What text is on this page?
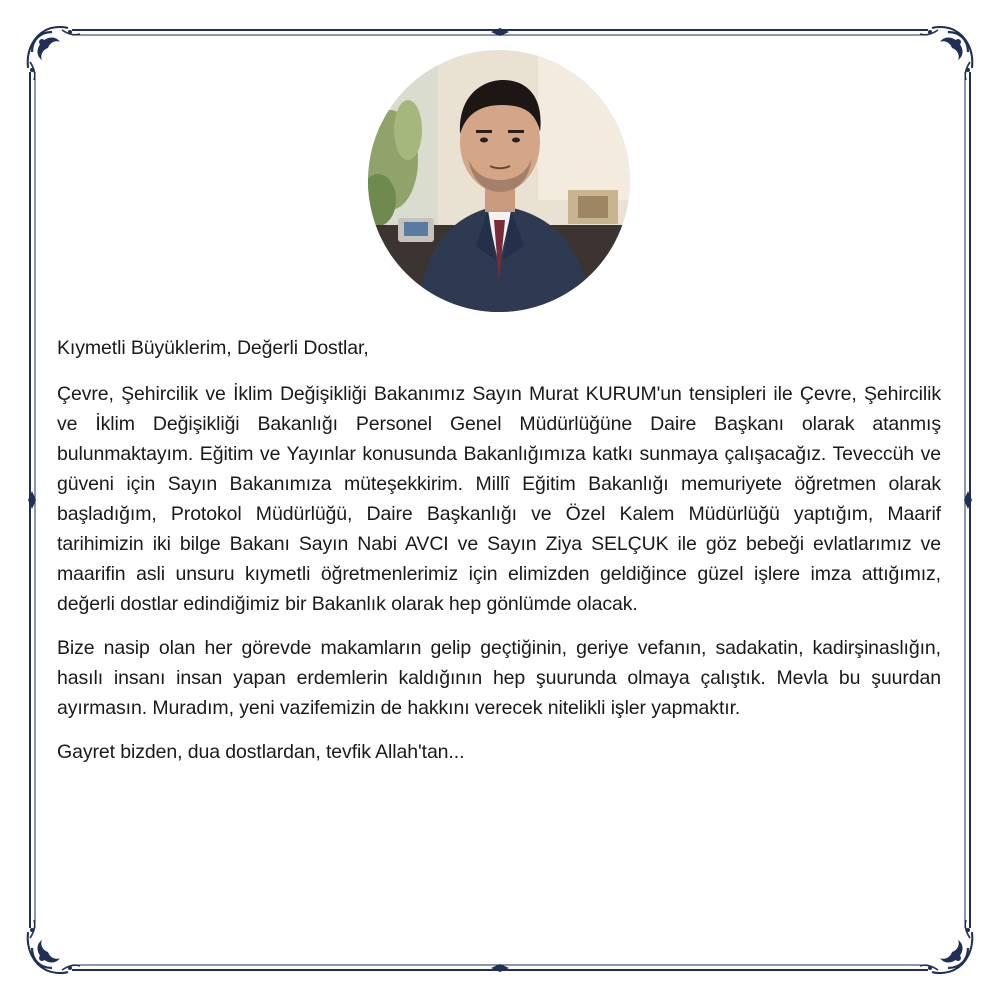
Kıymetli Büyüklerim, Değerli Dostlar,

Çevre, Şehircilik ve İklim Değişikliği Bakanımız Sayın Murat KURUM'un tensipleri ile Çevre, Şehircilik ve İklim Değişikliği Bakanlığı Personel Genel Müdürlüğüne Daire Başkanı olarak atanmış bulunmaktayım. Eğitim ve Yayınlar konusunda Bakanlığımıza katkı sunmaya çalışacağız. Teveccüh ve güveni için Sayın Bakanımıza müteşekkirim. Millî Eğitim Bakanlığı memuriyete öğretmen olarak başladığım, Protokol Müdürlüğü, Daire Başkanlığı ve Özel Kalem Müdürlüğü yaptığım, Maarif tarihimizin iki bilge Bakanı Sayın Nabi AVCI ve Sayın Ziya SELÇUK ile göz bebeği evlatlarımız ve maarifin asli unsuru kıymetli öğretmenlerimiz için elimizden geldiğince güzel işlere imza attığımız, değerli dostlar edindiğimiz bir Bakanlık olarak hep gönlümde olacak.

Bize nasip olan her görevde makamların gelip geçtiğinin, geriye vefanın, sadakatin, kadirşinaslığın, hasılı insanı insan yapan erdemlerin kaldığının hep şuurunda olmaya çalıştık. Mevla bu şuurdan ayırmasın. Muradım, yeni vazifemizin de hakkını verecek nitelikli işler yapmaktır.

Gayret bizden, dua dostlardan, tevfik Allah'tan...
